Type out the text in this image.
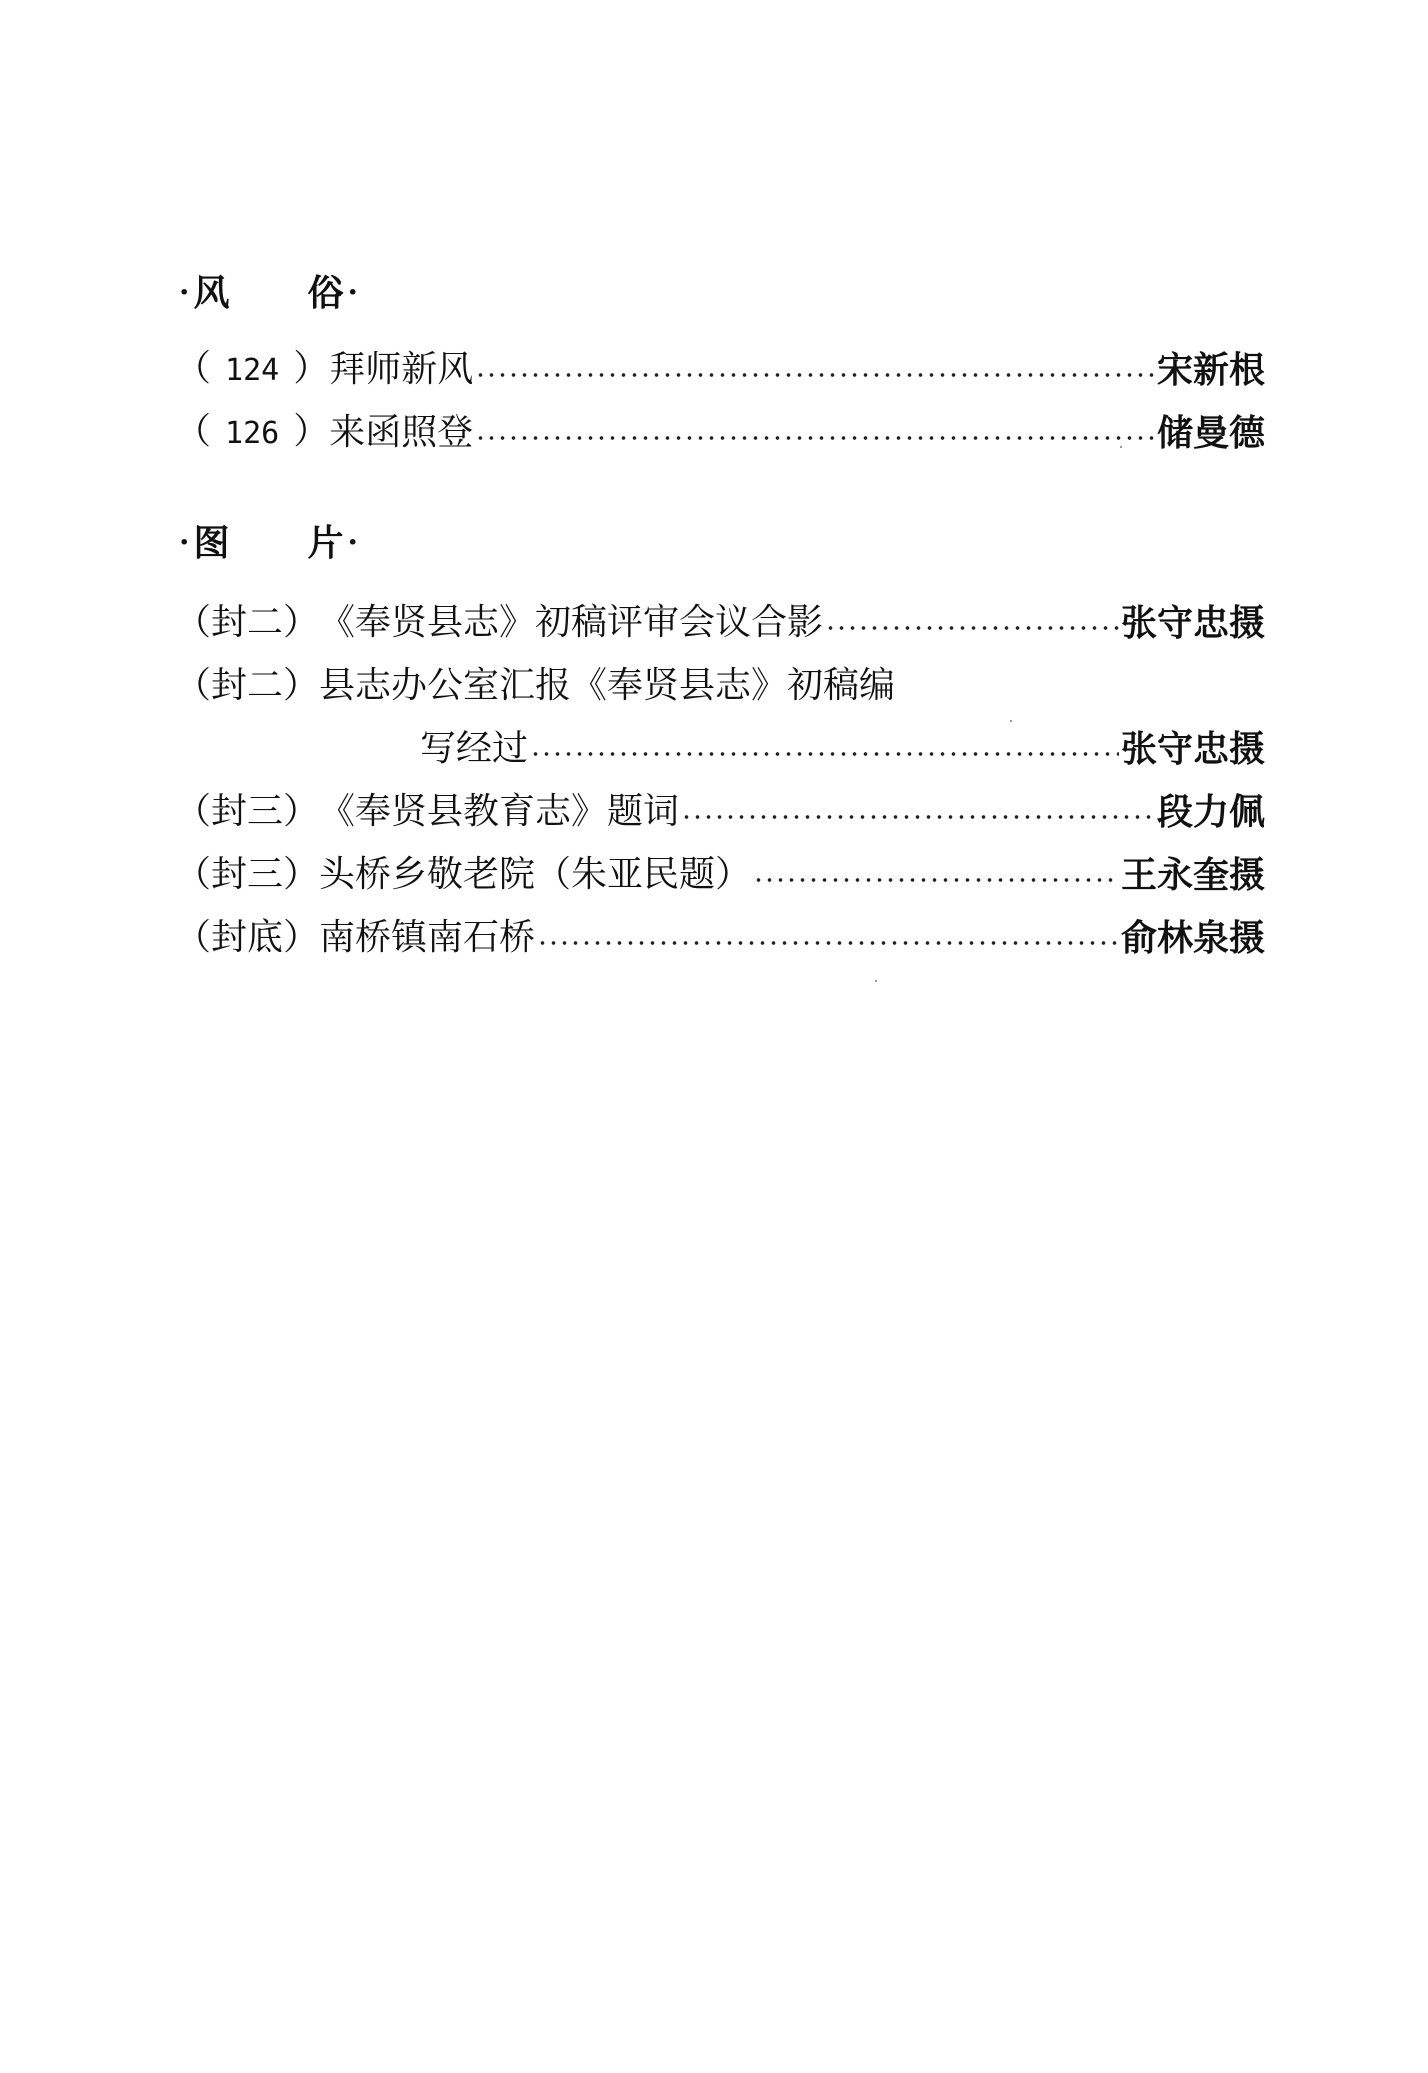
· 风 俗 ·
（ 124 ） 拜师新风	宋新根
（ 126 ） 来函照登	储曼德
· 图 片 ·
（封二） 《奉贤县志》初稿评审会议合影	张守忠摄
（封二） 县志办公室汇报《奉贤县志》初稿编
写经过	张守忠摄
（封三） 《奉贤县教育志》题词	段力佩
（封三） 头桥乡敬老院（朱亚民题）	王永奎摄
（封底） 南桥镇南石桥	俞林泉摄
